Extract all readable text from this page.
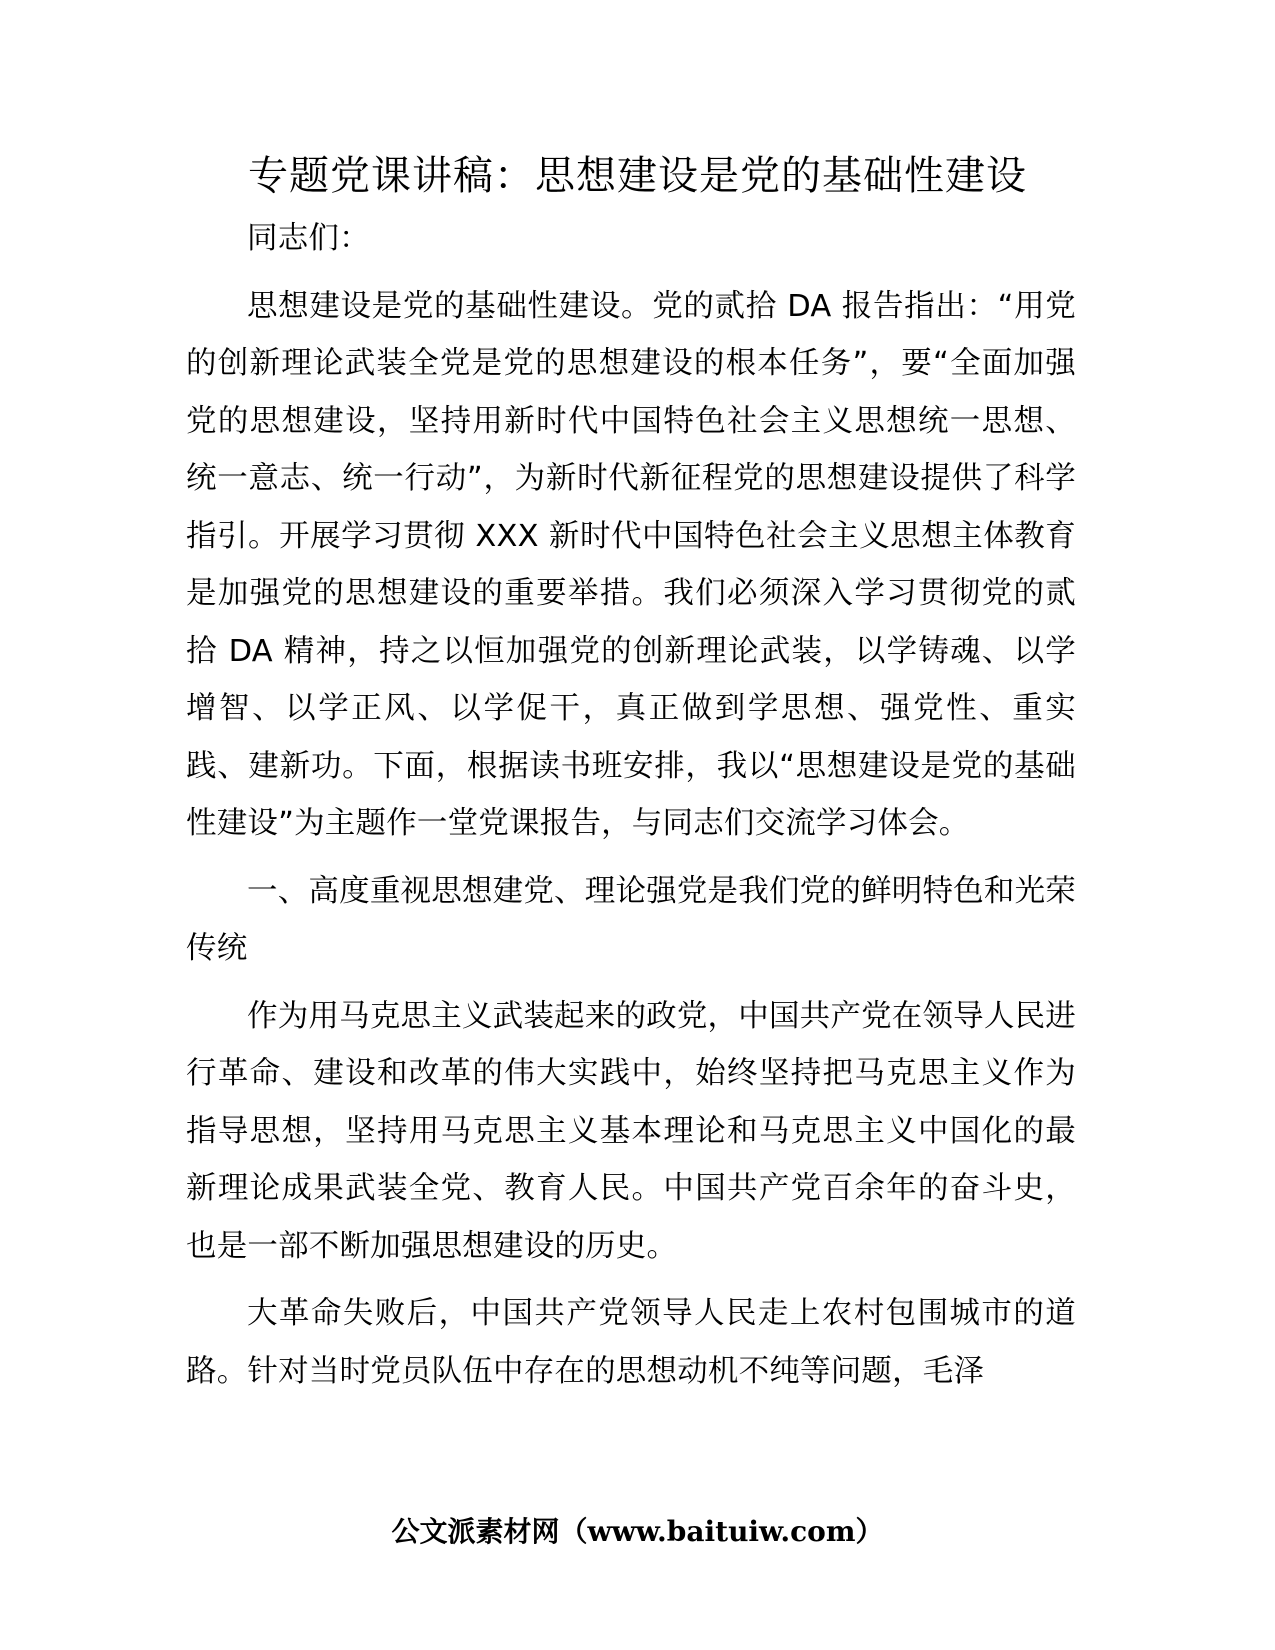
专题党课讲稿：思想建设是党的基础性建设

同志们：

思想建设是党的基础性建设。党的贰拾 DA 报告指出：“用党的创新理论武装全党是党的思想建设的根本任务”，要“全面加强党的思想建设，坚持用新时代中国特色社会主义思想统一思想、统一意志、统一行动”，为新时代新征程党的思想建设提供了科学指引。开展学习贯彻 XXX 新时代中国特色社会主义思想主体教育是加强党的思想建设的重要举措。我们必须深入学习贯彻党的贰拾 DA 精神，持之以恒加强党的创新理论武装，以学铸魂、以学增智、以学正风、以学促干，真正做到学思想、强党性、重实践、建新功。下面，根据读书班安排，我以“思想建设是党的基础性建设”为主题作一堂党课报告，与同志们交流学习体会。

一、高度重视思想建党、理论强党是我们党的鲜明特色和光荣传统

作为用马克思主义武装起来的政党，中国共产党在领导人民进行革命、建设和改革的伟大实践中，始终坚持把马克思主义作为指导思想，坚持用马克思主义基本理论和马克思主义中国化的最新理论成果武装全党、教育人民。中国共产党百余年的奋斗史，也是一部不断加强思想建设的历史。

大革命失败后，中国共产党领导人民走上农村包围城市的道路。针对当时党员队伍中存在的思想动机不纯等问题，毛泽

公文派素材网（www.baituiw.com）
